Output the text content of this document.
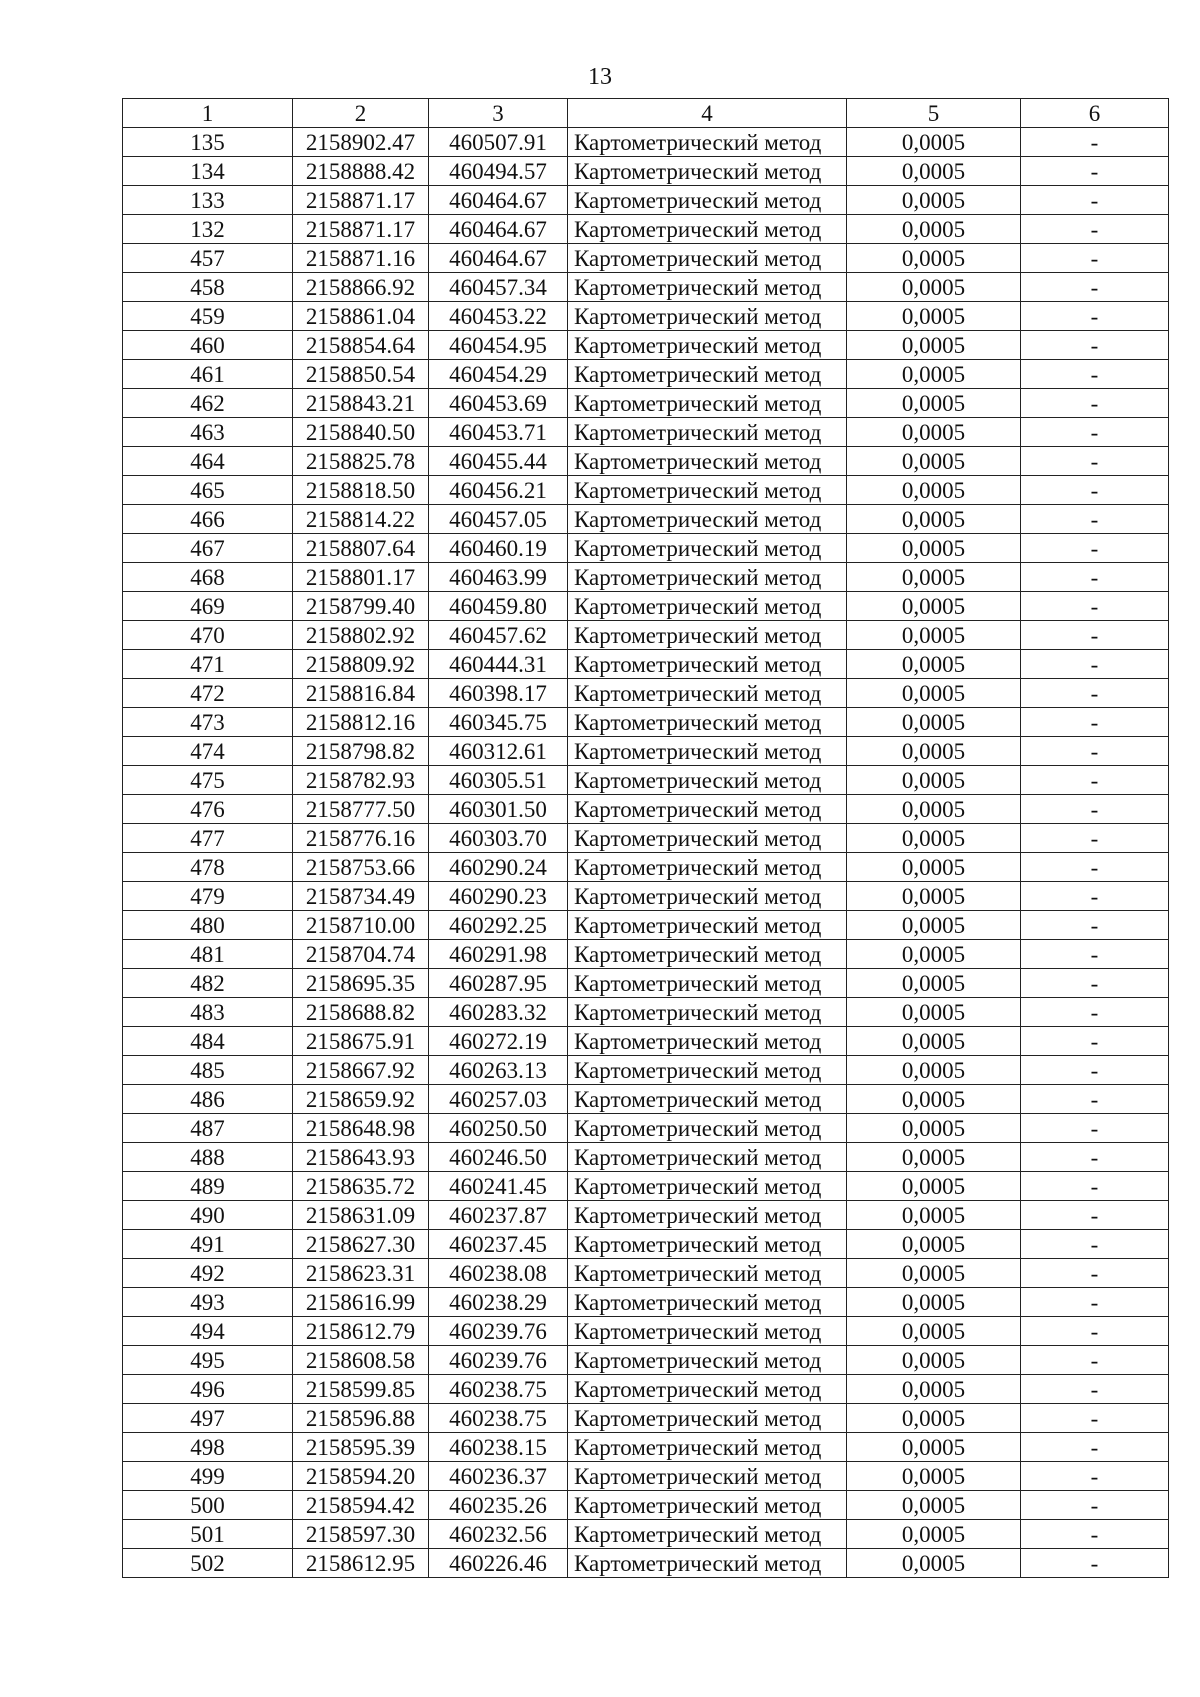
13
1	2	3	4	5	6
135	2158902.47	460507.91	Картометрический метод	0,0005	-
134	2158888.42	460494.57	Картометрический метод	0,0005	-
133	2158871.17	460464.67	Картометрический метод	0,0005	-
132	2158871.17	460464.67	Картометрический метод	0,0005	-
457	2158871.16	460464.67	Картометрический метод	0,0005	-
458	2158866.92	460457.34	Картометрический метод	0,0005	-
459	2158861.04	460453.22	Картометрический метод	0,0005	-
460	2158854.64	460454.95	Картометрический метод	0,0005	-
461	2158850.54	460454.29	Картометрический метод	0,0005	-
462	2158843.21	460453.69	Картометрический метод	0,0005	-
463	2158840.50	460453.71	Картометрический метод	0,0005	-
464	2158825.78	460455.44	Картометрический метод	0,0005	-
465	2158818.50	460456.21	Картометрический метод	0,0005	-
466	2158814.22	460457.05	Картометрический метод	0,0005	-
467	2158807.64	460460.19	Картометрический метод	0,0005	-
468	2158801.17	460463.99	Картометрический метод	0,0005	-
469	2158799.40	460459.80	Картометрический метод	0,0005	-
470	2158802.92	460457.62	Картометрический метод	0,0005	-
471	2158809.92	460444.31	Картометрический метод	0,0005	-
472	2158816.84	460398.17	Картометрический метод	0,0005	-
473	2158812.16	460345.75	Картометрический метод	0,0005	-
474	2158798.82	460312.61	Картометрический метод	0,0005	-
475	2158782.93	460305.51	Картометрический метод	0,0005	-
476	2158777.50	460301.50	Картометрический метод	0,0005	-
477	2158776.16	460303.70	Картометрический метод	0,0005	-
478	2158753.66	460290.24	Картометрический метод	0,0005	-
479	2158734.49	460290.23	Картометрический метод	0,0005	-
480	2158710.00	460292.25	Картометрический метод	0,0005	-
481	2158704.74	460291.98	Картометрический метод	0,0005	-
482	2158695.35	460287.95	Картометрический метод	0,0005	-
483	2158688.82	460283.32	Картометрический метод	0,0005	-
484	2158675.91	460272.19	Картометрический метод	0,0005	-
485	2158667.92	460263.13	Картометрический метод	0,0005	-
486	2158659.92	460257.03	Картометрический метод	0,0005	-
487	2158648.98	460250.50	Картометрический метод	0,0005	-
488	2158643.93	460246.50	Картометрический метод	0,0005	-
489	2158635.72	460241.45	Картометрический метод	0,0005	-
490	2158631.09	460237.87	Картометрический метод	0,0005	-
491	2158627.30	460237.45	Картометрический метод	0,0005	-
492	2158623.31	460238.08	Картометрический метод	0,0005	-
493	2158616.99	460238.29	Картометрический метод	0,0005	-
494	2158612.79	460239.76	Картометрический метод	0,0005	-
495	2158608.58	460239.76	Картометрический метод	0,0005	-
496	2158599.85	460238.75	Картометрический метод	0,0005	-
497	2158596.88	460238.75	Картометрический метод	0,0005	-
498	2158595.39	460238.15	Картометрический метод	0,0005	-
499	2158594.20	460236.37	Картометрический метод	0,0005	-
500	2158594.42	460235.26	Картометрический метод	0,0005	-
501	2158597.30	460232.56	Картометрический метод	0,0005	-
502	2158612.95	460226.46	Картометрический метод	0,0005	-
